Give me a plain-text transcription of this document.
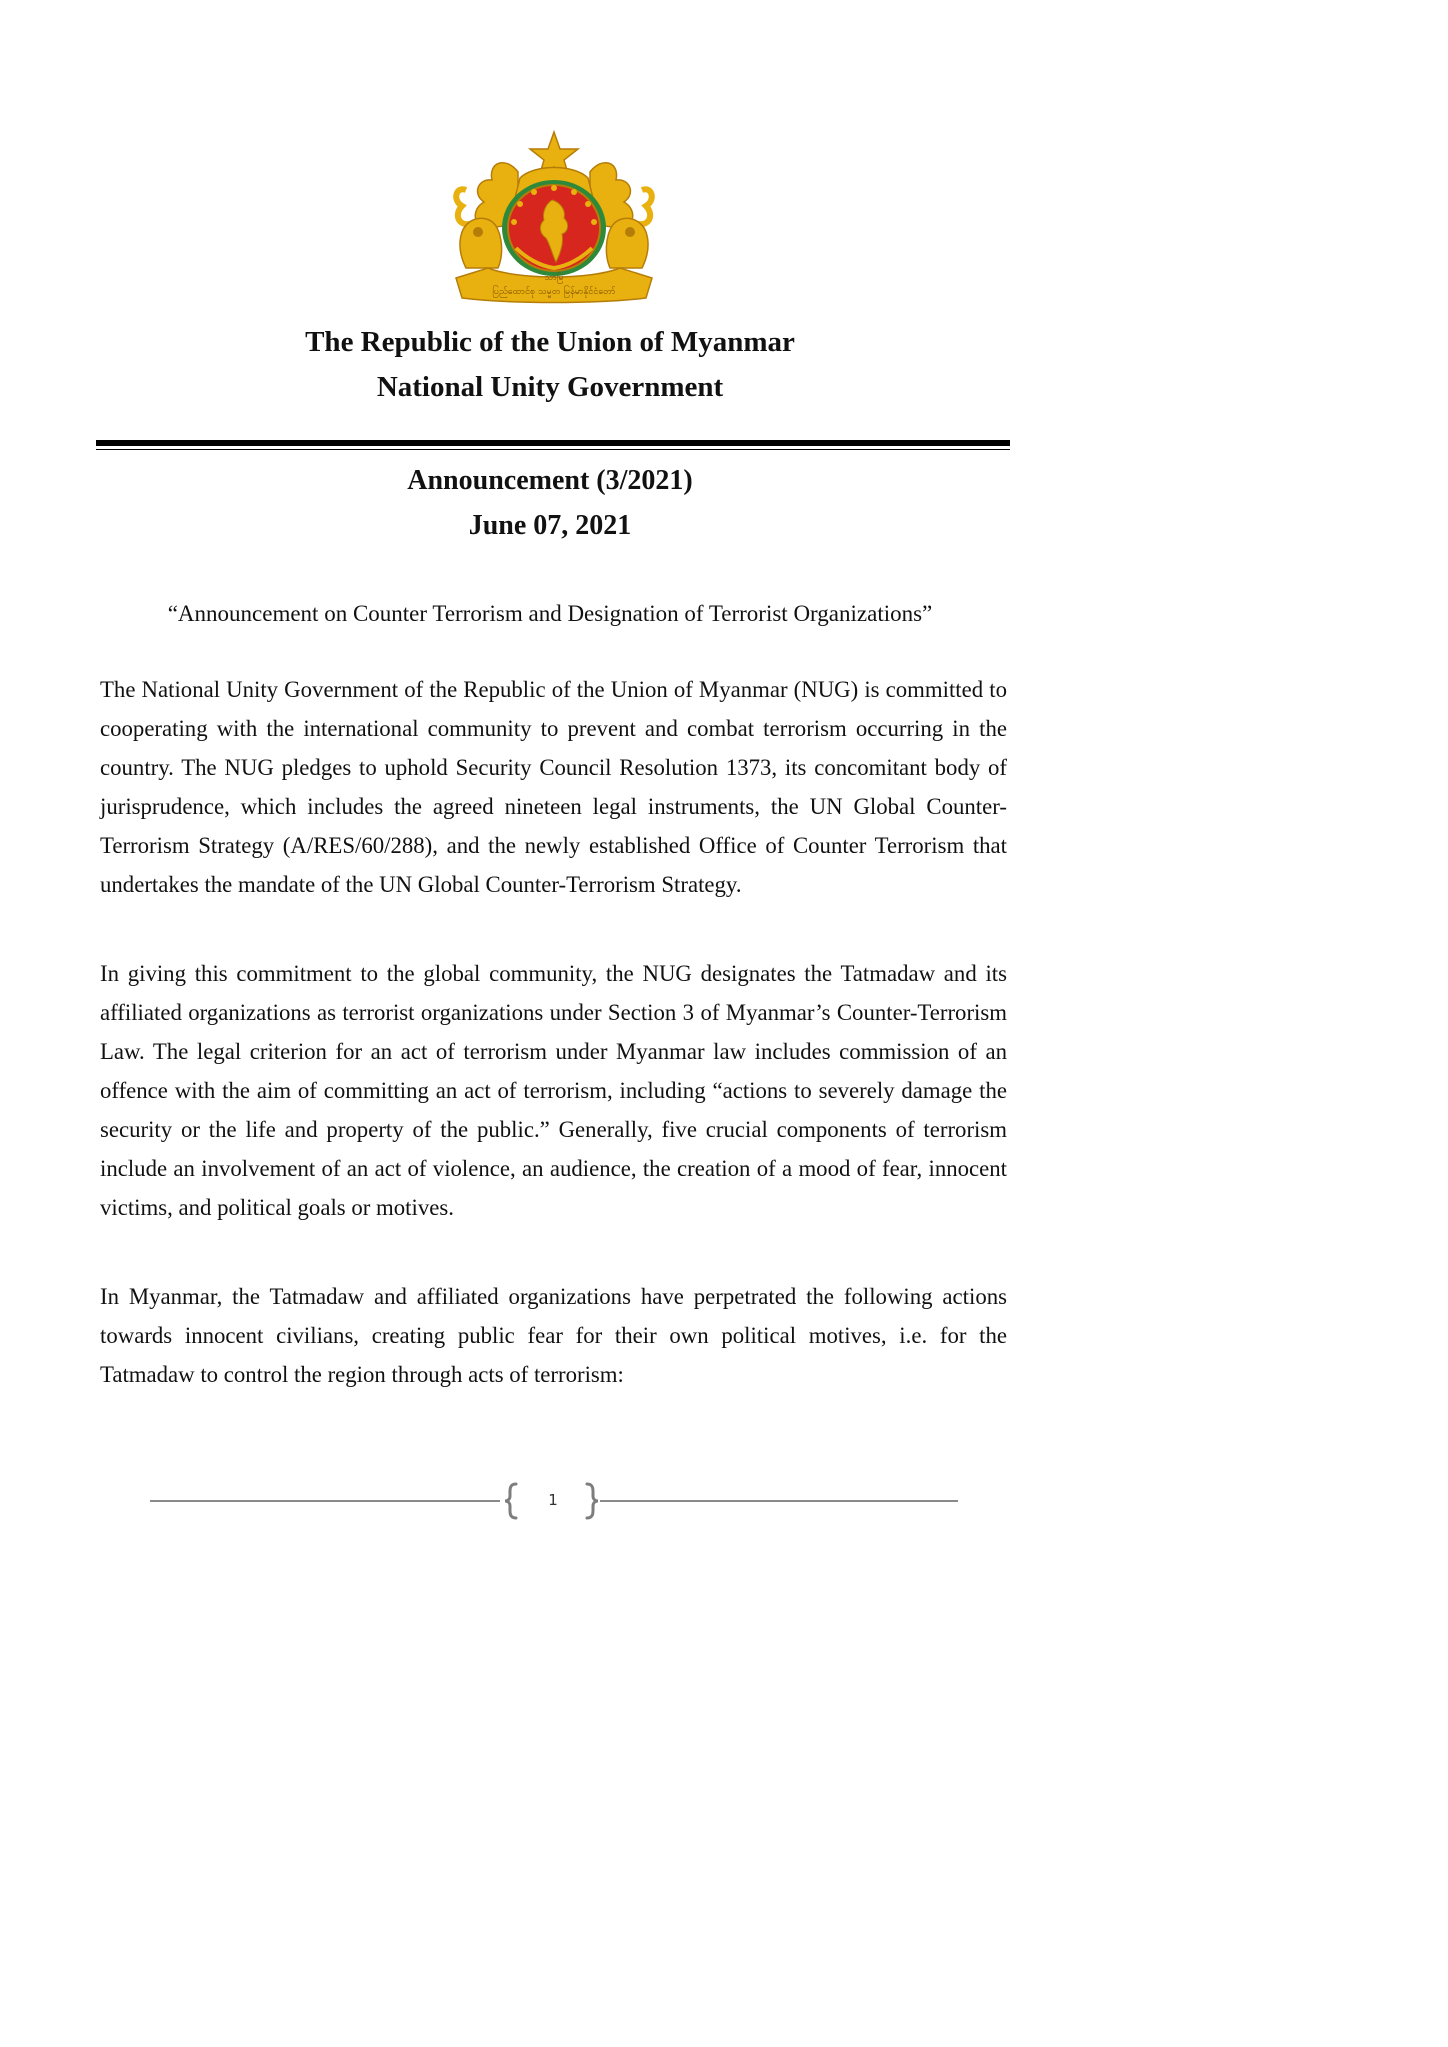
သာမြဲ
ပြည်ထောင်စု သမ္မတ မြန်မာနိုင်ငံတော်
The Republic of the Union of Myanmar
National Unity Government
Announcement (3/2021)
June 07, 2021
“Announcement on Counter Terrorism and Designation of Terrorist Organizations”

The National Unity Government of the Republic of the Union of Myanmar (NUG) is committed to cooperating with the international community to prevent and combat terrorism occurring in the country. The NUG pledges to uphold Security Council Resolution 1373, its concomitant body of jurisprudence, which includes the agreed nineteen legal instruments, the UN Global Counter-Terrorism Strategy (A/RES/60/288), and the newly established Office of Counter Terrorism that undertakes the mandate of the UN Global Counter-Terrorism Strategy.

In giving this commitment to the global community, the NUG designates the Tatmadaw and its affiliated organizations as terrorist organizations under Section 3 of Myanmar’s Counter-Terrorism Law. The legal criterion for an act of terrorism under Myanmar law includes commission of an offence with the aim of committing an act of terrorism, including “actions to severely damage the security or the life and property of the public.” Generally, five crucial components of terrorism include an involvement of an act of violence, an audience, the creation of a mood of fear, innocent victims, and political goals or motives.

In Myanmar, the Tatmadaw and affiliated organizations have perpetrated the following actions towards innocent civilians, creating public fear for their own political motives, i.e. for the Tatmadaw to control the region through acts of terrorism:

1
